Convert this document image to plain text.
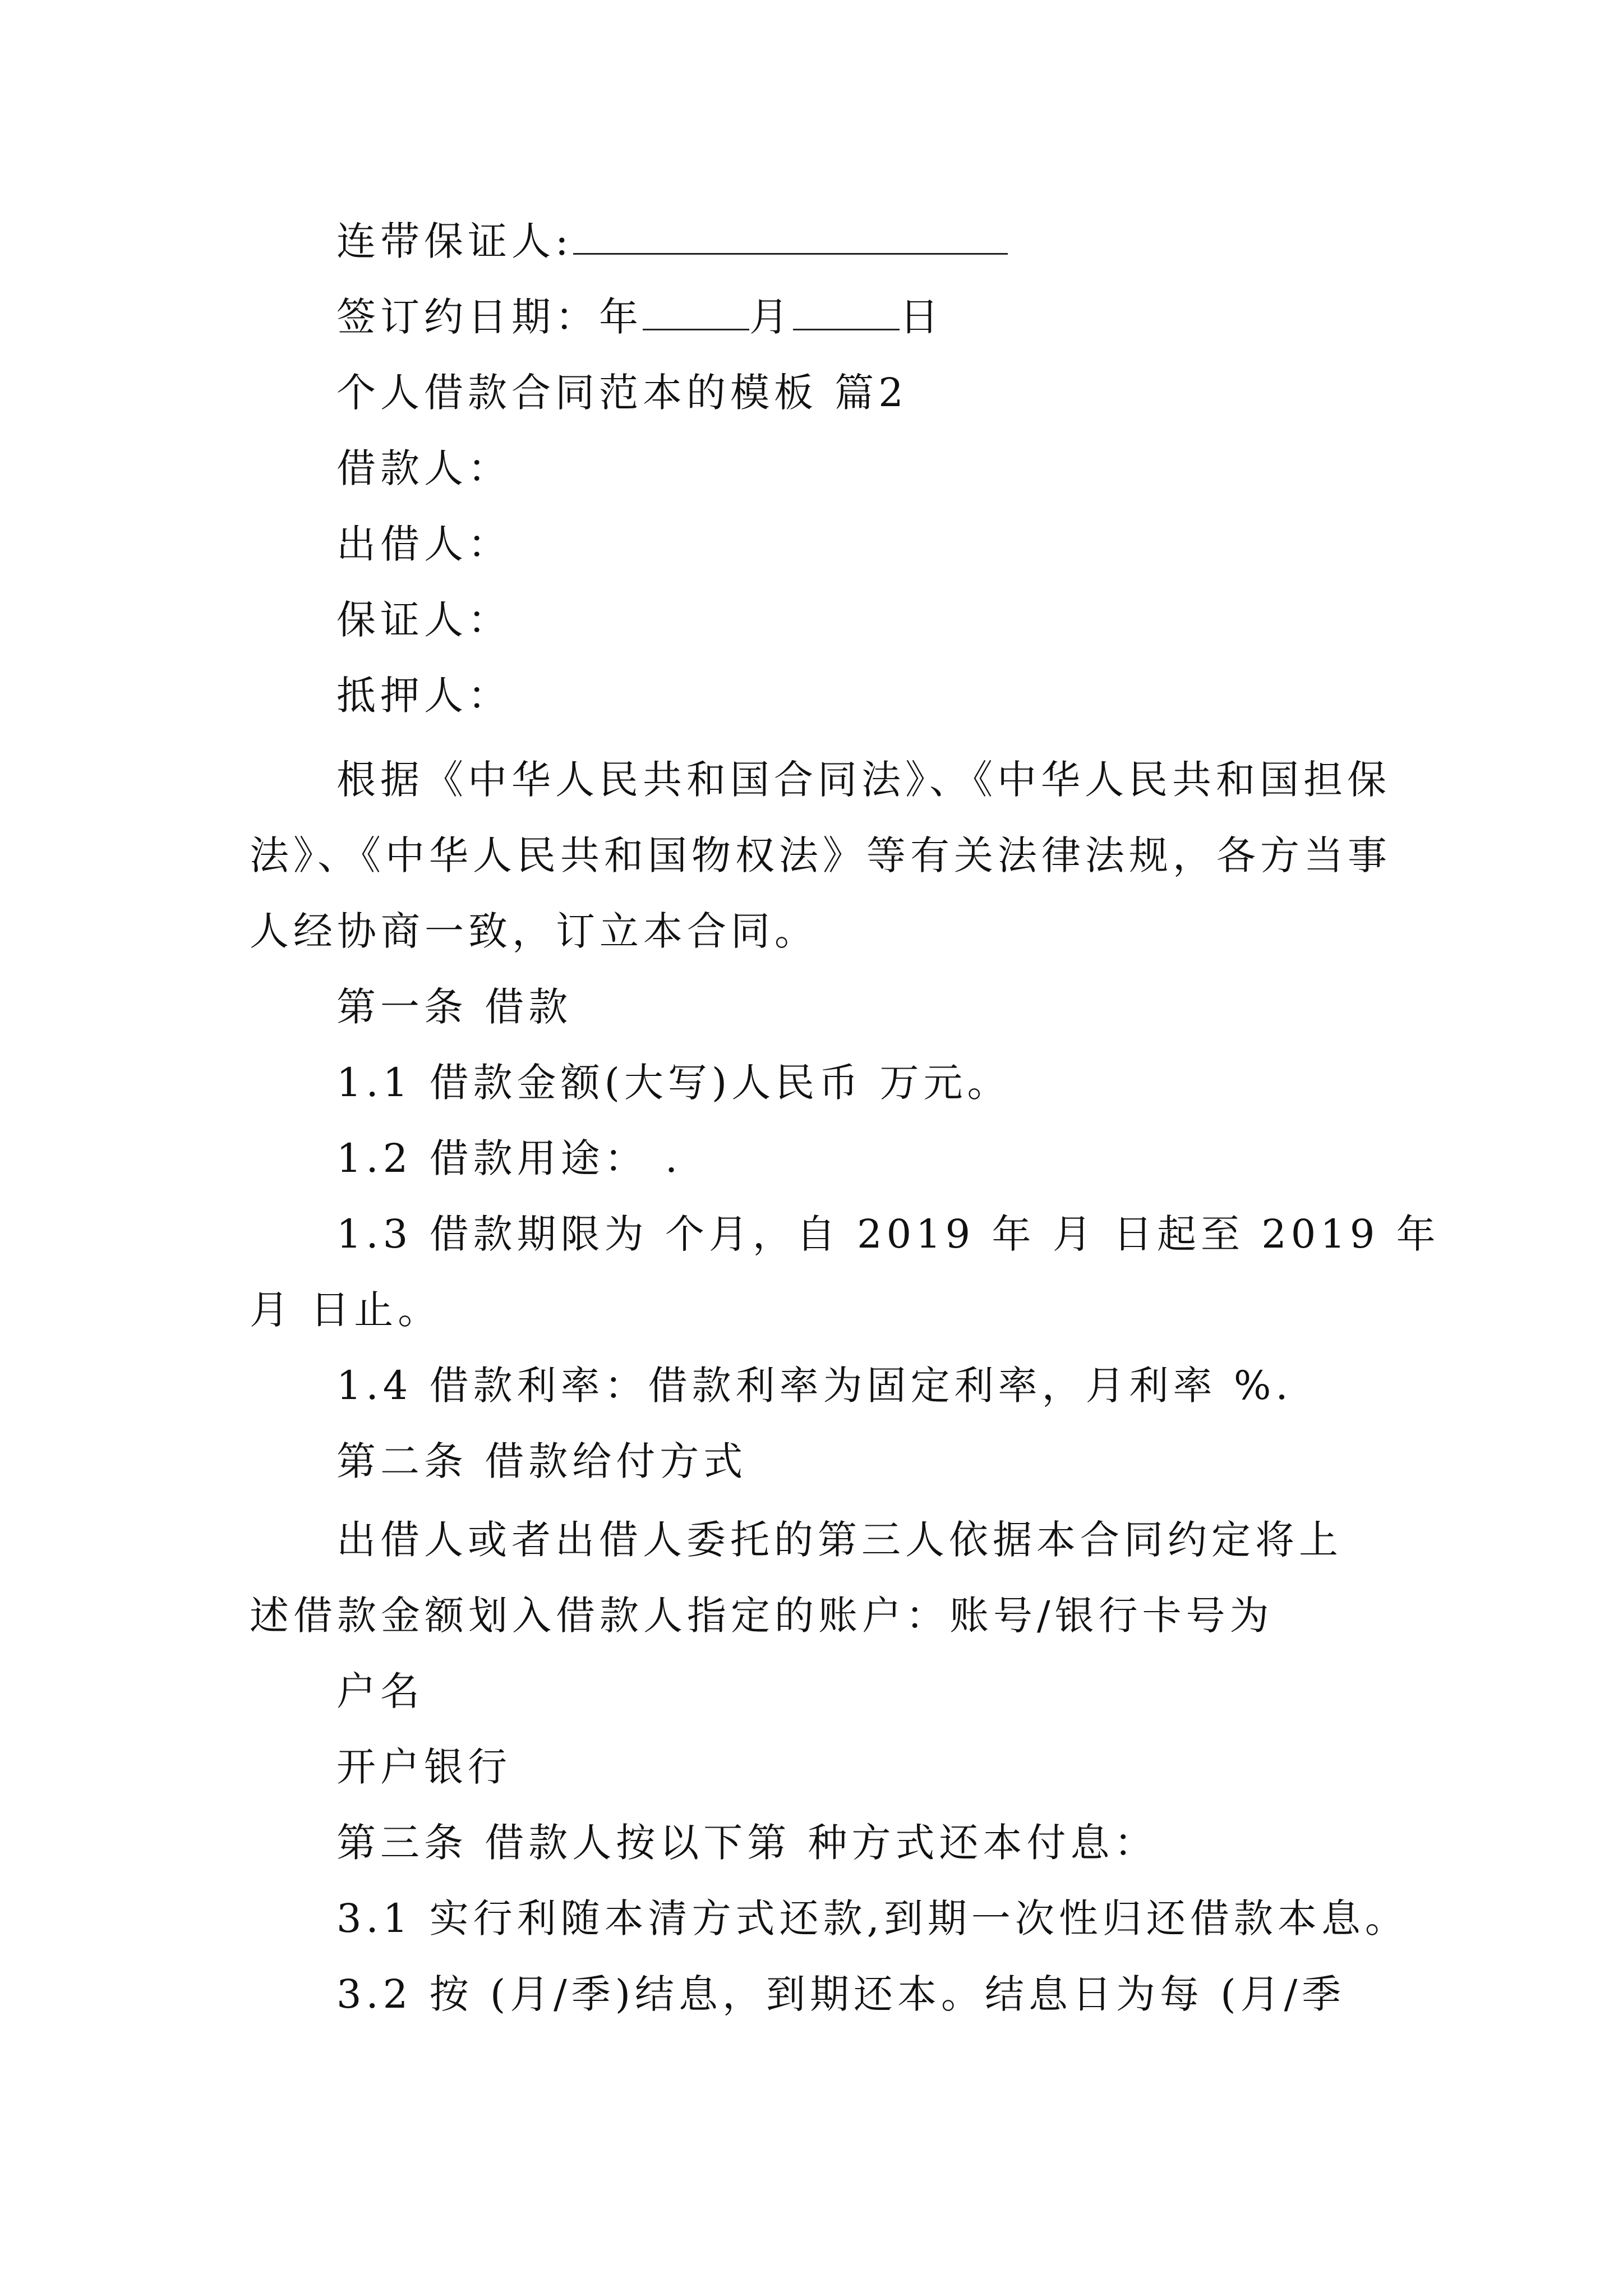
连带保证人:
签订约日期：年	月	日
个人借款合同范本的模板 篇2
借款人：
出借人：
保证人：
抵押人：
根据《中华人民共和国合同法》、《中华人民共和国担保
法》、《中华人民共和国物权法》等有关法律法规，各方当事
人经协商一致，订立本合同。
第一条 借款
1.1 借款金额(大写)人民币 万元。
1.2 借款用途： .
1.3 借款期限为 个月，自 2019 年 月 日起至 2019 年
月 日止。
1.4 借款利率：借款利率为固定利率，月利率 %.
第二条 借款给付方式
出借人或者出借人委托的第三人依据本合同约定将上
述借款金额划入借款人指定的账户：账号/银行卡号为
户名
开户银行
第三条 借款人按以下第 种方式还本付息：
3.1 实行利随本清方式还款,到期一次性归还借款本息。
3.2 按 (月/季)结息，到期还本。结息日为每 (月/季
